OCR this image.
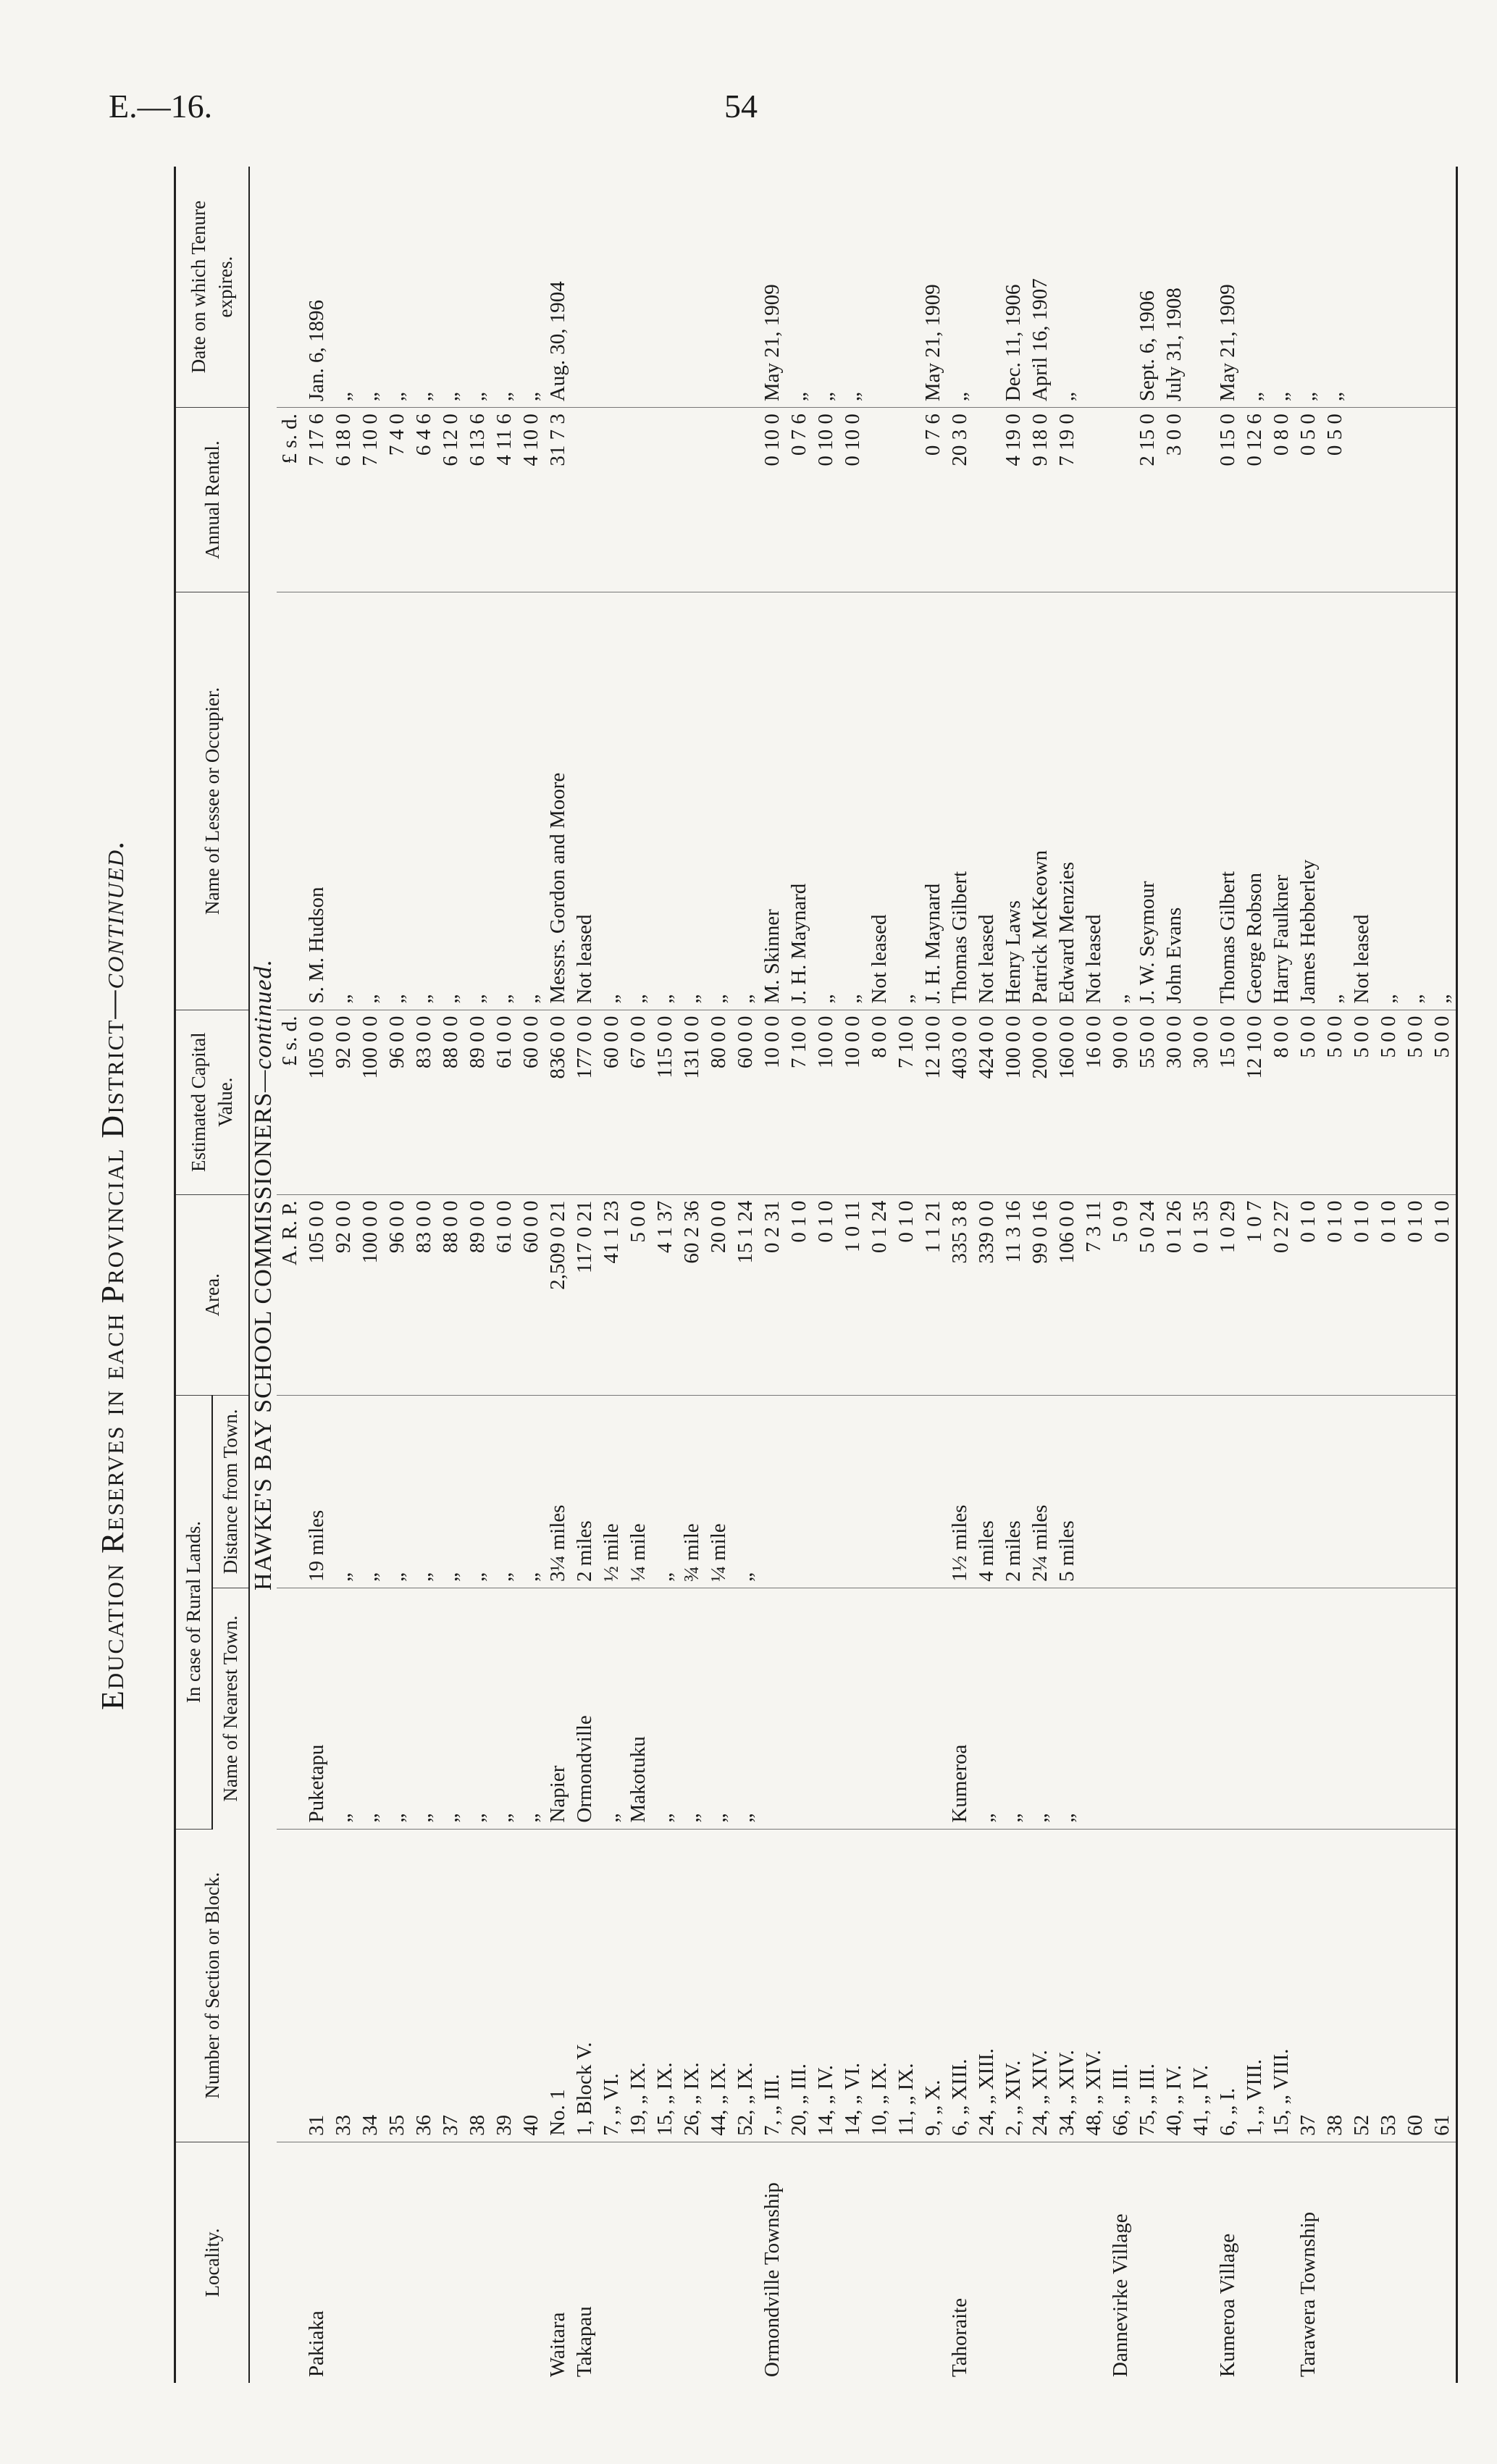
E.—16.	54
Education Reserves in each Provincial District—continued.
Locality.	Number of Section or Block.	In case of Rural Lands.		Area.	Estimated Capital Value.	Name of Lessee or Occupier.	Annual Rental.	Date on which Tenure expires.
		Name of Nearest Town.	Distance from Town.					
HAWKE'S BAY SCHOOL COMMISSIONERS—continued.								
				A. R. P.	£ s. d.		£ s. d.	
Pakiaka	31	Puketapu	19 miles	105 0 0	105 0 0	S. M. Hudson	7 17 6	Jan. 6, 1896
	33	„	„	92 0 0	92 0 0	„	6 18 0	„
	34	„	„	100 0 0	100 0 0	„	7 10 0	„
	35	„	„	96 0 0	96 0 0	„	7 4 0	„
	36	„	„	83 0 0	83 0 0	„	6 4 6	„
	37	„	„	88 0 0	88 0 0	„	6 12 0	„
	38	„	„	89 0 0	89 0 0	„	6 13 6	„
	39	„	„	61 0 0	61 0 0	„	4 11 6	„
	40	„	„	60 0 0	60 0 0	„	4 10 0	„
Waitara	No. 1	Napier	3¼ miles	2,509 0 21	836 0 0	Messrs. Gordon and Moore	31 7 3	Aug. 30, 1904
Takapau	1, Block V.	Ormondville	2 miles	117 0 21	177 0 0	Not leased		
	7, „ VI.	„	½ mile	41 1 23	60 0 0	„		
	19, „ IX.	Makotuku	¼ mile	5 0 0	67 0 0	„		
	15, „ IX.	„	„	4 1 37	115 0 0	„		
	26, „ IX.	„	¾ mile	60 2 36	131 0 0	„		
	44, „ IX.	„	¼ mile	20 0 0	80 0 0	„		
	52, „ IX.	„	„	15 1 24	60 0 0	„		
Ormondville Township	7, „ III.			0 2 31	10 0 0	M. Skinner	0 10 0	May 21, 1909
	20, „ III.			0 1 0	7 10 0	J. H. Maynard	0 7 6	„
	14, „ IV.			0 1 0	10 0 0	„	0 10 0	„
	14, „ VI.			1 0 11	10 0 0	„	0 10 0	„
	10, „ IX.			0 1 24	8 0 0	Not leased		
	11, „ IX.			0 1 0	7 10 0	„		
	9, „ X.			1 1 21	12 10 0	J. H. Maynard	0 7 6	May 21, 1909
Tahoraite	6, „ XIII.	Kumeroa	1½ miles	335 3 8	403 0 0	Thomas Gilbert	20 3 0	„
	24, „ XIII.	„	4 miles	339 0 0	424 0 0	Not leased		
	2, „ XIV.	„	2 miles	11 3 16	100 0 0	Henry Laws	4 19 0	Dec. 11, 1906
	24, „ XIV.	„	2¼ miles	99 0 16	200 0 0	Patrick McKeown	9 18 0	April 16, 1907
	34, „ XIV.	„	5 miles	106 0 0	160 0 0	Edward Menzies	7 19 0	„
	48, „ XIV.			7 3 11	16 0 0	Not leased		
Dannevirke Village	66, „ III.			5 0 9	90 0 0	„		
	75, „ III.			5 0 24	55 0 0	J. W. Seymour	2 15 0	Sept. 6, 1906
	40, „ IV.			0 1 26	30 0 0	John Evans	3 0 0	July 31, 1908
	41, „ IV.			0 1 35	30 0 0			
Kumeroa Village	6, „ I.			1 0 29	15 0 0	Thomas Gilbert	0 15 0	May 21, 1909
	1, „ VIII.			1 0 7	12 10 0	George Robson	0 12 6	„
	15, „ VIII.			0 2 27	8 0 0	Harry Faulkner	0 8 0	„
Tarawera Township	37			0 1 0	5 0 0	James Hebberley	0 5 0	„
	38			0 1 0	5 0 0	„	0 5 0	„
	52			0 1 0	5 0 0	Not leased		
	53			0 1 0	5 0 0	„		
	60			0 1 0	5 0 0	„		
	61			0 1 0	5 0 0	„		
